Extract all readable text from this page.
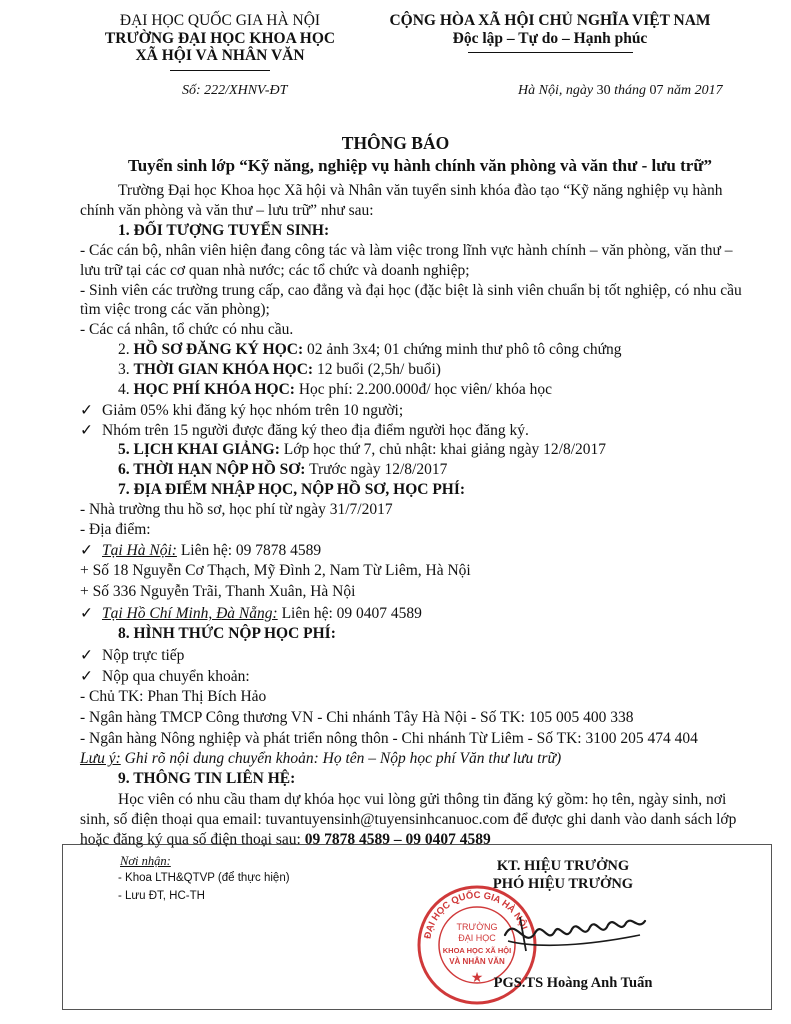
ĐẠI HỌC QUỐC GIA HÀ NỘI
TRƯỜNG ĐẠI HỌC KHOA HỌC
XÃ HỘI VÀ NHÂN VĂN
CỘNG HÒA XÃ HỘI CHỦ NGHĨA VIỆT NAM
Độc lập – Tự do – Hạnh phúc
Số: 222/XHNV-ĐT	Hà Nội, ngày 30 tháng 07 năm 2017
THÔNG BÁO
Tuyển sinh lớp “Kỹ năng, nghiệp vụ hành chính văn phòng và văn thư - lưu trữ”
Trường Đại học Khoa học Xã hội và Nhân văn tuyển sinh khóa đào tạo “Kỹ năng nghiệp vụ hành
chính văn phòng và văn thư – lưu trữ” như sau:
1. ĐỐI TƯỢNG TUYỂN SINH:
- Các cán bộ, nhân viên hiện đang công tác và làm việc trong lĩnh vực hành chính – văn phòng, văn thư –
lưu trữ tại các cơ quan nhà nước; các tổ chức và doanh nghiệp;
- Sinh viên các trường trung cấp, cao đẳng và đại học (đặc biệt là sinh viên chuẩn bị tốt nghiệp, có nhu cầu
tìm việc trong các văn phòng);
- Các cá nhân, tổ chức có nhu cầu.
2. HỒ SƠ ĐĂNG KÝ HỌC: 02 ảnh 3x4; 01 chứng minh thư phô tô công chứng
3. THỜI GIAN KHÓA HỌC: 12 buổi (2,5h/ buổi)
4. HỌC PHÍ KHÓA HỌC: Học phí: 2.200.000đ/ học viên/ khóa học
✓ Giảm 05% khi đăng ký học nhóm trên 10 người;
✓ Nhóm trên 15 người được đăng ký theo địa điểm người học đăng ký.
5. LỊCH KHAI GIẢNG: Lớp học thứ 7, chủ nhật: khai giảng ngày 12/8/2017
6. THỜI HẠN NỘP HỒ SƠ: Trước ngày 12/8/2017
7. ĐỊA ĐIỂM NHẬP HỌC, NỘP HỒ SƠ, HỌC PHÍ:
- Nhà trường thu hồ sơ, học phí từ ngày 31/7/2017
- Địa điểm:
✓ Tại Hà Nội: Liên hệ: 09 7878 4589
+ Số 18 Nguyễn Cơ Thạch, Mỹ Đình 2, Nam Từ Liêm, Hà Nội
+ Số 336 Nguyễn Trãi, Thanh Xuân, Hà Nội
✓ Tại Hồ Chí Minh, Đà Nẵng: Liên hệ: 09 0407 4589
8. HÌNH THỨC NỘP HỌC PHÍ:
✓ Nộp trực tiếp
✓ Nộp qua chuyển khoản:
- Chủ TK: Phan Thị Bích Hảo
- Ngân hàng TMCP Công thương VN - Chi nhánh Tây Hà Nội - Số TK: 105 005 400 338
- Ngân hàng Nông nghiệp và phát triển nông thôn - Chi nhánh Từ Liêm - Số TK: 3100 205 474 404
Lưu ý: Ghi rõ nội dung chuyển khoản: Họ tên – Nộp học phí Văn thư lưu trữ)
9. THÔNG TIN LIÊN HỆ:
Học viên có nhu cầu tham dự khóa học vui lòng gửi thông tin đăng ký gồm: họ tên, ngày sinh, nơi
sinh, số điện thoại qua email: tuvantuyensinh@tuyensinhcanuoc.com để được ghi danh vào danh sách lớp
hoặc đăng ký qua số điện thoại sau: 09 7878 4589 – 09 0407 4589
Nơi nhận:
- Khoa LTH&QTVP (để thực hiện)
- Lưu ĐT, HC-TH
KT. HIỆU TRƯỞNG
PHÓ HIỆU TRƯỞNG
ĐẠI HỌC QUỐC GIA HÀ NỘI
TRƯỜNG
ĐẠI HỌC
KHOA HỌC XÃ HỘI
VÀ NHÂN VĂN
★ PGS.TS Hoàng Anh Tuấn
